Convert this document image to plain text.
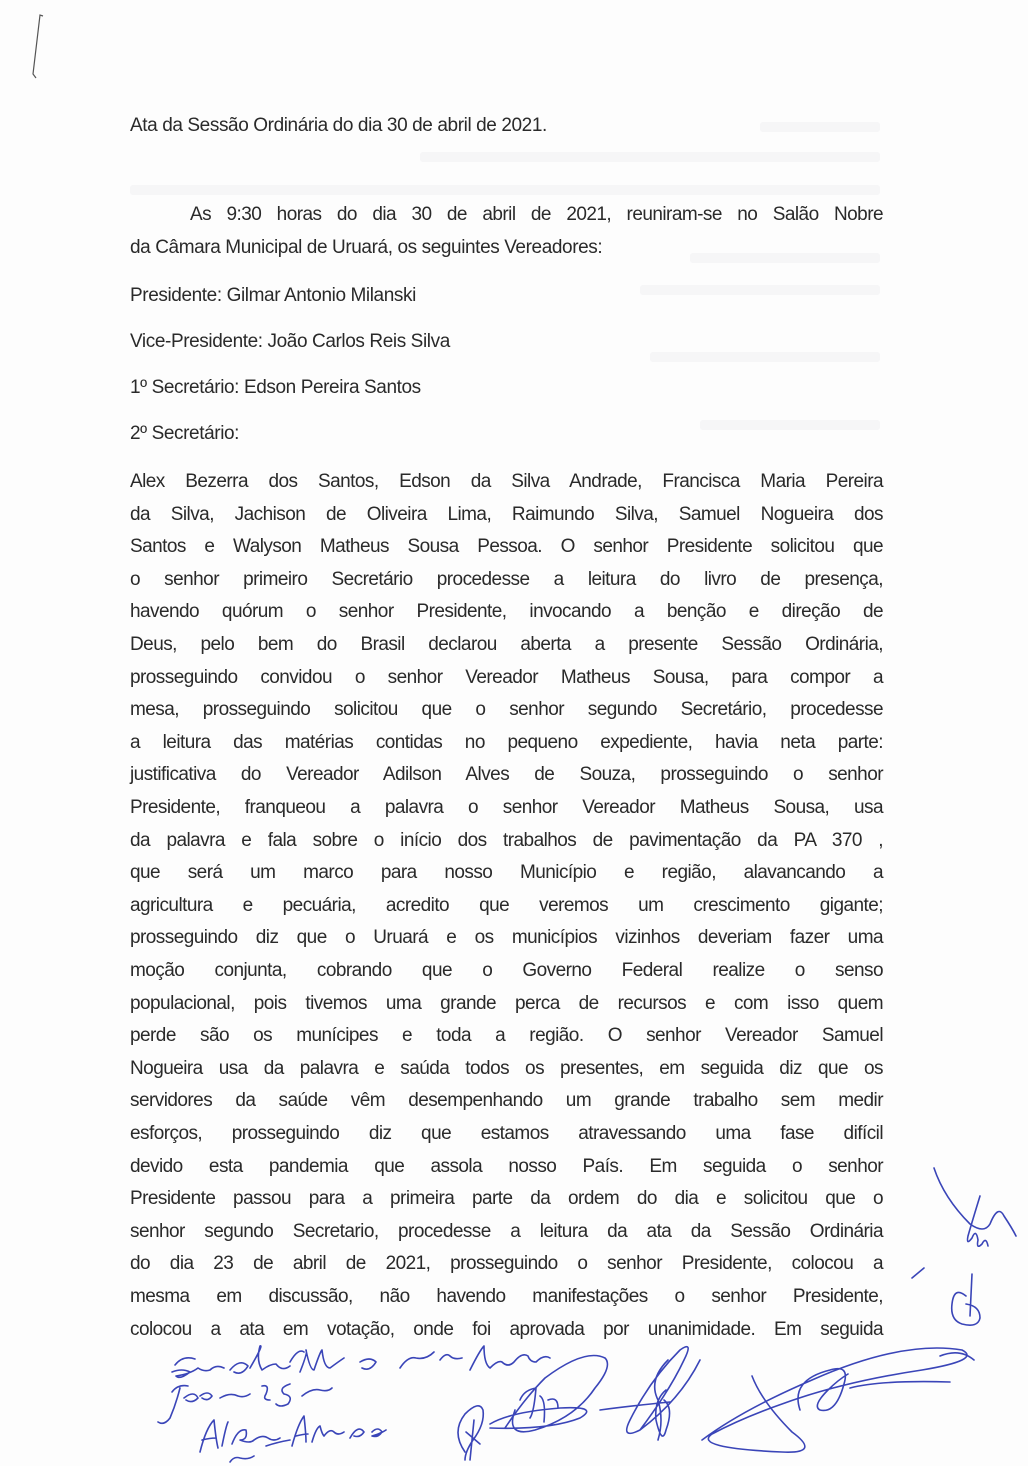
Ata da Sessão Ordinária do dia 30 de abril de 2021.
As 9:30 horas do dia 30 de abril de 2021, reuniram-se no Salão Nobre
da Câmara Municipal de Uruará, os seguintes Vereadores:
Presidente: Gilmar Antonio Milanski
Vice-Presidente: João Carlos Reis Silva
1º Secretário: Edson Pereira Santos
2º Secretário:
Alex Bezerra dos Santos, Edson da Silva Andrade, Francisca Maria Pereira
da Silva, Jachison de Oliveira Lima, Raimundo Silva, Samuel Nogueira dos
Santos e Walyson Matheus Sousa Pessoa. O senhor Presidente solicitou que
o senhor primeiro Secretário procedesse a leitura do livro de presença,
havendo quórum o senhor Presidente, invocando a benção e direção de
Deus, pelo bem do Brasil declarou aberta a presente Sessão Ordinária,
prosseguindo convidou o senhor Vereador Matheus Sousa, para compor a
mesa, prosseguindo solicitou que o senhor segundo Secretário, procedesse
a leitura das matérias contidas no pequeno expediente, havia neta parte:
justificativa do Vereador Adilson Alves de Souza, prosseguindo o senhor
Presidente, franqueou a palavra o senhor Vereador Matheus Sousa, usa
da palavra e fala sobre o início dos trabalhos de pavimentação da PA 370 ,
que será um marco para nosso Município e região, alavancando a
agricultura e pecuária, acredito que veremos um crescimento gigante;
prosseguindo diz que o Uruará e os municípios vizinhos deveriam fazer uma
moção conjunta, cobrando que o Governo Federal realize o senso
populacional, pois tivemos uma grande perca de recursos e com isso quem
perde são os munícipes e toda a região. O senhor Vereador Samuel
Nogueira usa da palavra e saúda todos os presentes, em seguida diz que os
servidores da saúde vêm desempenhando um grande trabalho sem medir
esforços, prosseguindo diz que estamos atravessando uma fase difícil
devido esta pandemia que assola nosso País. Em seguida o senhor
Presidente passou para a primeira parte da ordem do dia e solicitou que o
senhor segundo Secretario, procedesse a leitura da ata da Sessão Ordinária
do dia 23 de abril de 2021, prosseguindo o senhor Presidente, colocou a
mesma em discussão, não havendo manifestações o senhor Presidente,
colocou a ata em votação, onde foi aprovada por unanimidade. Em seguida
